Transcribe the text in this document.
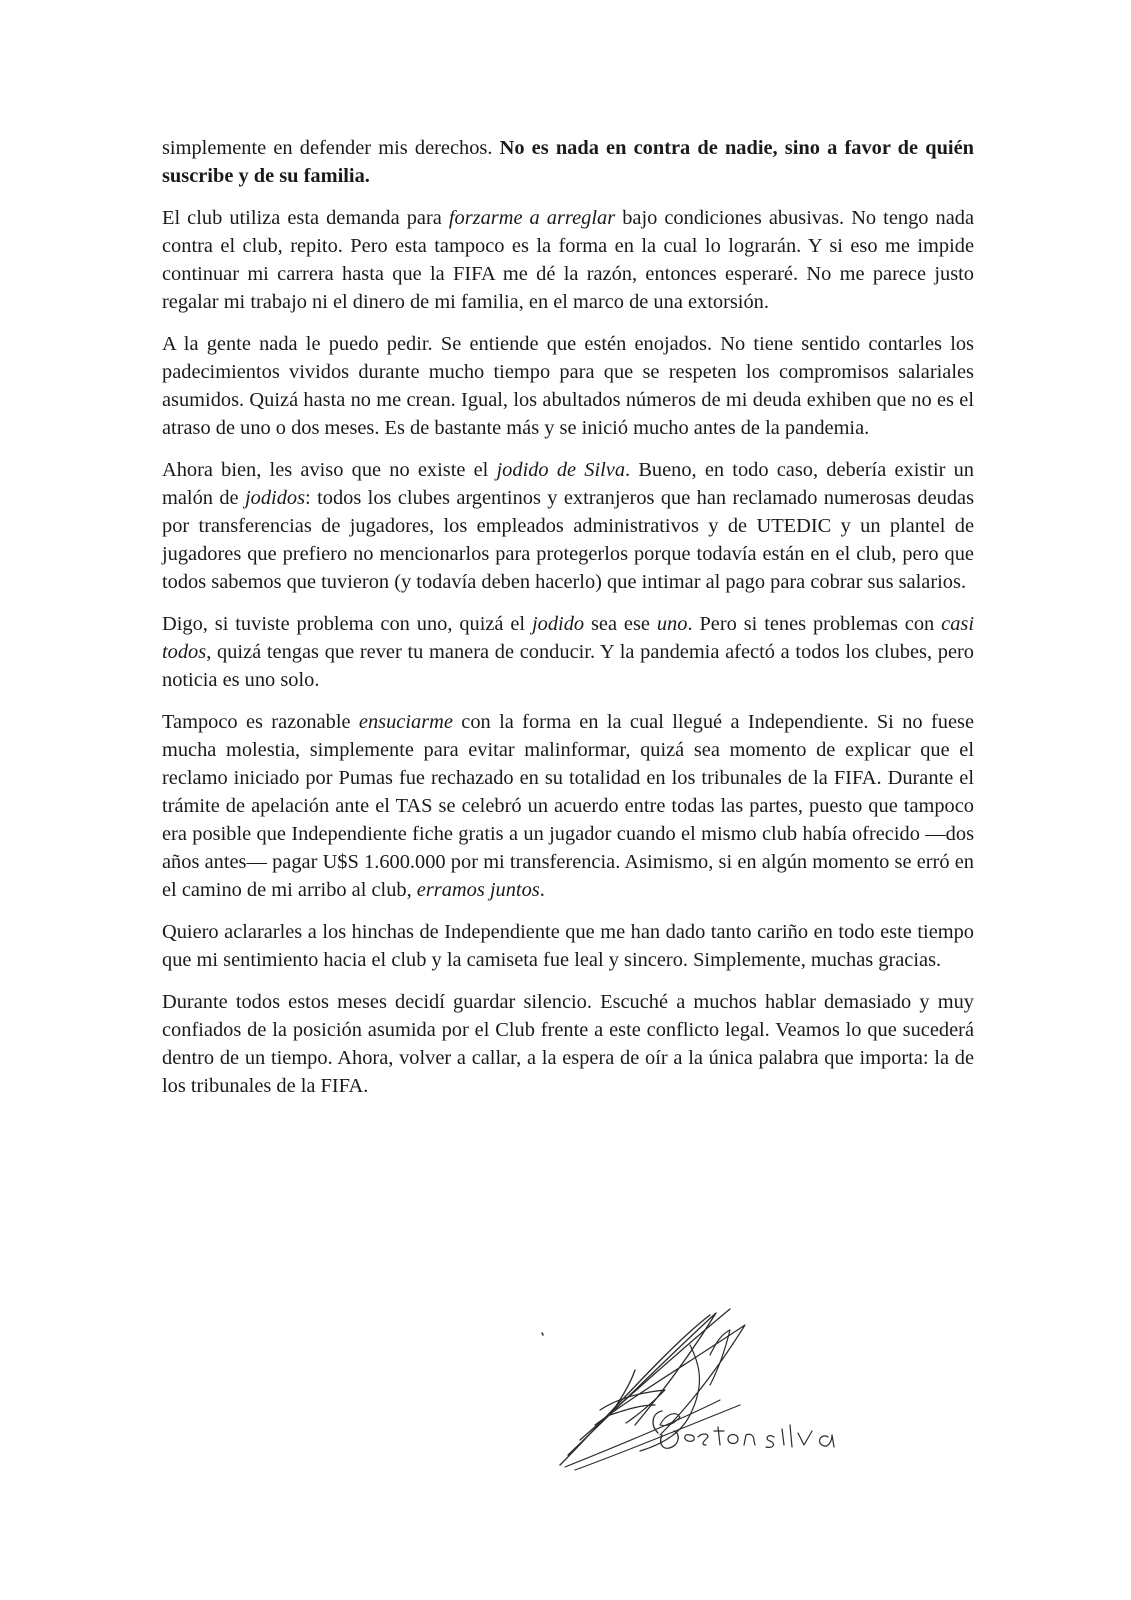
simplemente en defender mis derechos. No es nada en contra de nadie, sino a favor de quién suscribe y de su familia.

El club utiliza esta demanda para forzarme a arreglar bajo condiciones abusivas. No tengo nada contra el club, repito. Pero esta tampoco es la forma en la cual lo lograrán. Y si eso me impide continuar mi carrera hasta que la FIFA me dé la razón, entonces esperaré. No me parece justo regalar mi trabajo ni el dinero de mi familia, en el marco de una extorsión.

A la gente nada le puedo pedir. Se entiende que estén enojados. No tiene sentido contarles los padecimientos vividos durante mucho tiempo para que se respeten los compromisos salariales asumidos. Quizá hasta no me crean. Igual, los abultados números de mi deuda exhiben que no es el atraso de uno o dos meses. Es de bastante más y se inició mucho antes de la pandemia.

Ahora bien, les aviso que no existe el jodido de Silva. Bueno, en todo caso, debería existir un malón de jodidos: todos los clubes argentinos y extranjeros que han reclamado numerosas deudas por transferencias de jugadores, los empleados administrativos y de UTEDIC y un plantel de jugadores que prefiero no mencionarlos para protegerlos porque todavía están en el club, pero que todos sabemos que tuvieron (y todavía deben hacerlo) que intimar al pago para cobrar sus salarios.

Digo, si tuviste problema con uno, quizá el jodido sea ese uno. Pero si tenes problemas con casi todos, quizá tengas que rever tu manera de conducir. Y la pandemia afectó a todos los clubes, pero noticia es uno solo.

Tampoco es razonable ensuciarme con la forma en la cual llegué a Independiente. Si no fuese mucha molestia, simplemente para evitar malinformar, quizá sea momento de explicar que el reclamo iniciado por Pumas fue rechazado en su totalidad en los tribunales de la FIFA. Durante el trámite de apelación ante el TAS se celebró un acuerdo entre todas las partes, puesto que tampoco era posible que Independiente fiche gratis a un jugador cuando el mismo club había ofrecido —dos años antes— pagar U$S 1.600.000 por mi transferencia. Asimismo, si en algún momento se erró en el camino de mi arribo al club, erramos juntos.

Quiero aclararles a los hinchas de Independiente que me han dado tanto cariño en todo este tiempo que mi sentimiento hacia el club y la camiseta fue leal y sincero. Simplemente, muchas gracias.

Durante todos estos meses decidí guardar silencio. Escuché a muchos hablar demasiado y muy confiados de la posición asumida por el Club frente a este conflicto legal. Veamos lo que sucederá dentro de un tiempo. Ahora, volver a callar, a la espera de oír a la única palabra que importa: la de los tribunales de la FIFA.
